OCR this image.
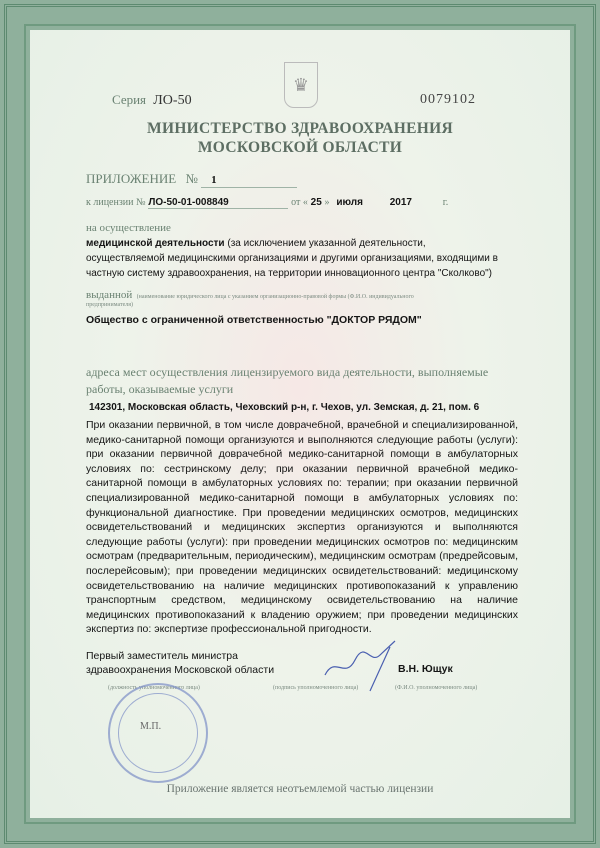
♛
Серия ЛО-50	0079102
МИНИСТЕРСТВО ЗДРАВООХРАНЕНИЯ
МОСКОВСКОЙ ОБЛАСТИ
ПРИЛОЖЕНИЕ № 1
к лицензии № ЛО-50-01-008849	от « 25 » июля	2017	г.
на осуществление
медицинской деятельности (за исключением указанной деятельности,
осуществляемой медицинскими организациями и другими организациями, входящими в
частную систему здравоохранения, на территории инновационного центра "Сколково")
выданной (наименование юридического лица с указанием организационно-правовой формы (Ф.И.О. индивидуального
предпринимателя)
Общество с ограниченной ответственностью "ДОКТОР РЯДОМ"
адреса мест осуществления лицензируемого вида деятельности, выполняемые
работы, оказываемые услуги
142301, Московская область, Чеховский р-н, г. Чехов, ул. Земская, д. 21, пом. 6
При оказании первичной, в том числе доврачебной, врачебной и специализированной, медико-санитарной помощи организуются и выполняются следующие работы (услуги): при оказании первичной доврачебной медико-санитарной помощи в амбулаторных условиях по: сестринскому делу; при оказании первичной врачебной медико-санитарной помощи в амбулаторных условиях по: терапии; при оказании первичной специализированной медико-санитарной помощи в амбулаторных условиях по: функциональной диагностике. При проведении медицинских осмотров, медицинских освидетельствований и медицинских экспертиз организуются и выполняются следующие работы (услуги): при проведении медицинских осмотров по: медицинским осмотрам (предварительным, периодическим), медицинским осмотрам (предрейсовым, послерейсовым); при проведении медицинских освидетельствований: медицинскому освидетельствованию на наличие медицинских противопоказаний к управлению транспортным средством, медицинскому освидетельствованию на наличие медицинских противопоказаний к владению оружием; при проведении медицинских экспертиз по: экспертизе профессиональной пригодности.
Первый заместитель министра
здравоохранения Московской области	В.Н. Ющук
(должность уполномоченного лица)	(подпись уполномоченного лица)	(Ф.И.О. уполномоченного лица)
М.П.
Приложение является неотъемлемой частью лицензии
